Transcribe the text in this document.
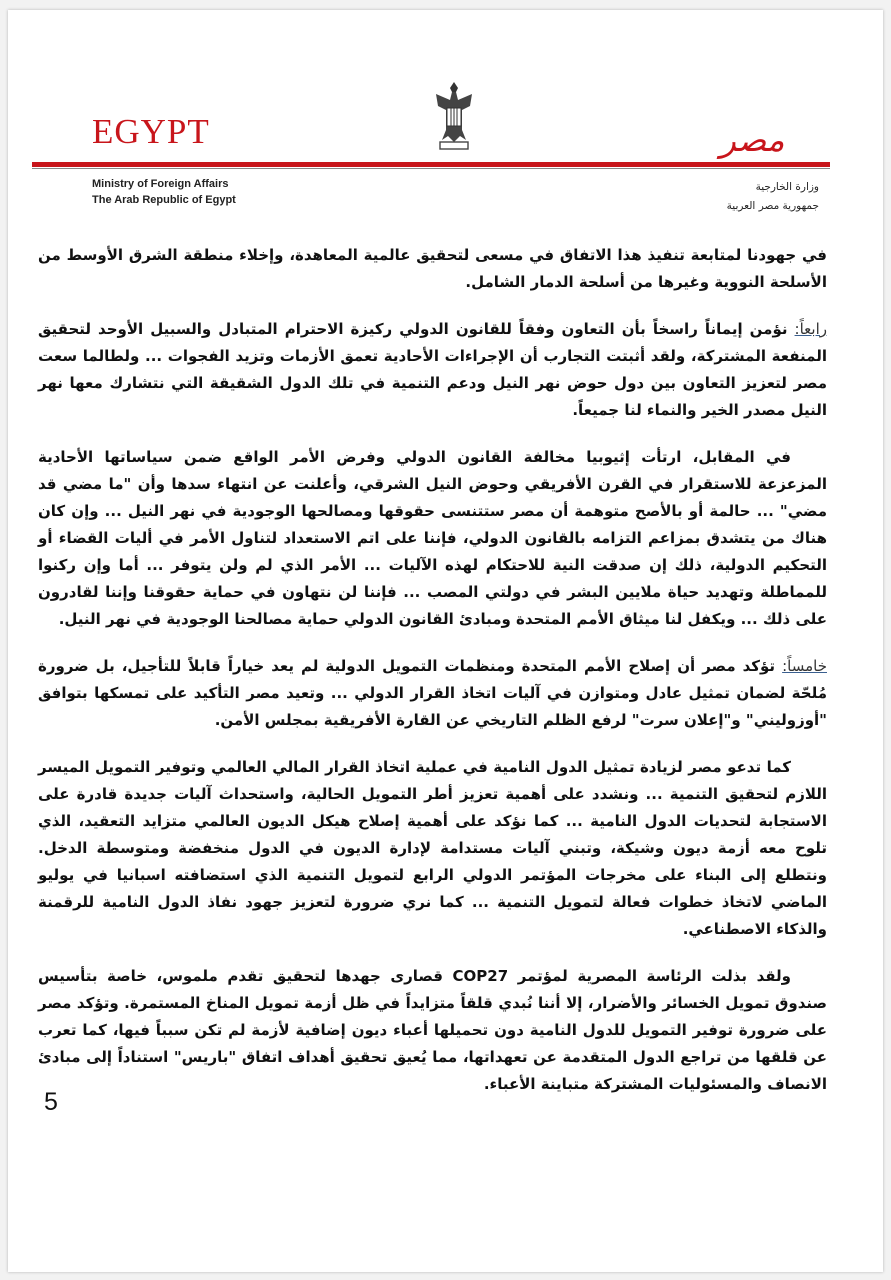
EGYPT	مصر
Ministry of Foreign Affairs
The Arab Republic of Egypt
وزارة الخارجية
جمهورية مصر العربية

في جهودنا لمتابعة تنفيذ هذا الاتفاق في مسعى لتحقيق عالمية المعاهدة، وإخلاء منطقة الشرق الأوسط من الأسلحة النووية وغيرها من أسلحة الدمار الشامل.

رابعاً: نؤمن إيماناً راسخاً بأن التعاون وفقاً للقانون الدولي ركيزة الاحترام المتبادل والسبيل الأوحد لتحقيق المنفعة المشتركة، ولقد أثبتت التجارب أن الإجراءات الأحادية تعمق الأزمات وتزيد الفجوات ... ولطالما سعت مصر لتعزيز التعاون بين دول حوض نهر النيل ودعم التنمية في تلك الدول الشقيقة التي نتشارك معها نهر النيل مصدر الخير والنماء لنا جميعاً.

في المقابل، ارتأت إثيوبيا مخالفة القانون الدولي وفرض الأمر الواقع ضمن سياساتها الأحادية المزعزعة للاستقرار في القرن الأفريقي وحوض النيل الشرقي، وأعلنت عن انتهاء سدها وأن "ما مضي قد مضي" ... حالمة أو بالأصح متوهمة أن مصر ستتنسى حقوقها ومصالحها الوجودية في نهر النيل ... وإن كان هناك من يتشدق بمزاعم التزامه بالقانون الدولي، فإننا على اتم الاستعداد لتناول الأمر في أليات القضاء أو التحكيم الدولية، ذلك إن صدقت النية للاحتكام لهذه الآليات ... الأمر الذي لم ولن يتوفر ... أما وإن ركنوا للمماطلة وتهديد حياة ملايين البشر في دولتي المصب ... فإننا لن نتهاون في حماية حقوقنا وإننا لقادرون على ذلك ... ويكفل لنا ميثاق الأمم المتحدة ومبادئ القانون الدولي حماية مصالحنا الوجودية في نهر النيل.

خامساً: تؤكد مصر أن إصلاح الأمم المتحدة ومنظمات التمويل الدولية لم يعد خياراً قابلاً للتأجيل، بل ضرورة مُلحّة لضمان تمثيل عادل ومتوازن في آليات اتخاذ القرار الدولي ... وتعيد مصر التأكيد على تمسكها بتوافق "أوزوليني" و"إعلان سرت" لرفع الظلم التاريخي عن القارة الأفريقية بمجلس الأمن.

كما تدعو مصر لزيادة تمثيل الدول النامية في عملية اتخاذ القرار المالي العالمي وتوفير التمويل الميسر اللازم لتحقيق التنمية ... ونشدد على أهمية تعزيز أطر التمويل الحالية، واستحداث آليات جديدة قادرة على الاستجابة لتحديات الدول النامية ... كما نؤكد على أهمية إصلاح هيكل الديون العالمي متزايد التعقيد، الذي تلوح معه أزمة ديون وشيكة، وتبني آليات مستدامة لإدارة الديون في الدول منخفضة ومتوسطة الدخل. ونتطلع إلى البناء على مخرجات المؤتمر الدولي الرابع لتمويل التنمية الذي استضافته اسبانيا في يوليو الماضي لاتخاذ خطوات فعالة لتمويل التنمية ... كما نري ضرورة لتعزيز جهود نفاذ الدول النامية للرقمنة والذكاء الاصطناعي.

ولقد بذلت الرئاسة المصرية لمؤتمر COP27 قصارى جهدها لتحقيق تقدم ملموس، خاصة بتأسيس صندوق تمويل الخسائر والأضرار، إلا أننا نُبدي قلقاً متزايداً في ظل أزمة تمويل المناخ المستمرة. وتؤكد مصر على ضرورة توفير التمويل للدول النامية دون تحميلها أعباء ديون إضافية لأزمة لم تكن سبباً فيها، كما تعرب عن قلقها من تراجع الدول المتقدمة عن تعهداتها، مما يُعيق تحقيق أهداف اتفاق "باريس" استناداً إلى مبادئ الانصاف والمسئوليات المشتركة متباينة الأعباء.

5
